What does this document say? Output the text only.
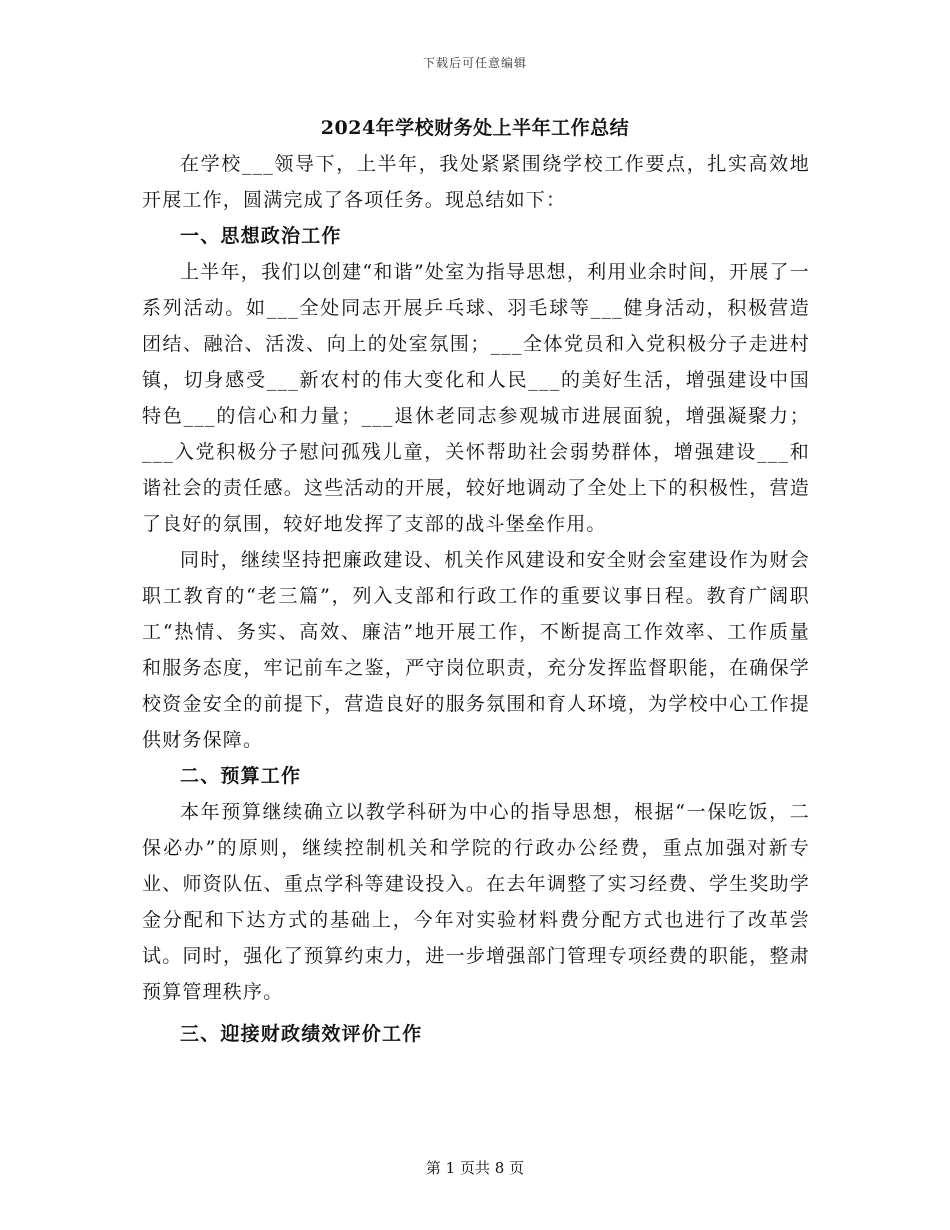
下载后可任意编辑
2024年学校财务处上半年工作总结

在学校___领导下，上半年，我处紧紧围绕学校工作要点，扎实高效地开展工作，圆满完成了各项任务。现总结如下：

一、思想政治工作

上半年，我们以创建“和谐”处室为指导思想，利用业余时间，开展了一系列活动。如___全处同志开展乒乓球、羽毛球等___健身活动，积极营造团结、融洽、活泼、向上的处室氛围；___全体党员和入党积极分子走进村镇，切身感受___新农村的伟大变化和人民___的美好生活，增强建设中国特色___的信心和力量；___退休老同志参观城市进展面貌，增强凝聚力；___入党积极分子慰问孤残儿童，关怀帮助社会弱势群体，增强建设___和谐社会的责任感。这些活动的开展，较好地调动了全处上下的积极性，营造了良好的氛围，较好地发挥了支部的战斗堡垒作用。

同时，继续坚持把廉政建设、机关作风建设和安全财会室建设作为财会职工教育的“老三篇”，列入支部和行政工作的重要议事日程。教育广阔职工“热情、务实、高效、廉洁”地开展工作，不断提高工作效率、工作质量和服务态度，牢记前车之鉴，严守岗位职责，充分发挥监督职能，在确保学校资金安全的前提下，营造良好的服务氛围和育人环境，为学校中心工作提供财务保障。

二、预算工作

本年预算继续确立以教学科研为中心的指导思想，根据“一保吃饭，二保必办”的原则，继续控制机关和学院的行政办公经费，重点加强对新专业、师资队伍、重点学科等建设投入。在去年调整了实习经费、学生奖助学金分配和下达方式的基础上，今年对实验材料费分配方式也进行了改革尝试。同时，强化了预算约束力，进一步增强部门管理专项经费的职能，整肃预算管理秩序。

三、迎接财政绩效评价工作
第 1 页共 8 页
